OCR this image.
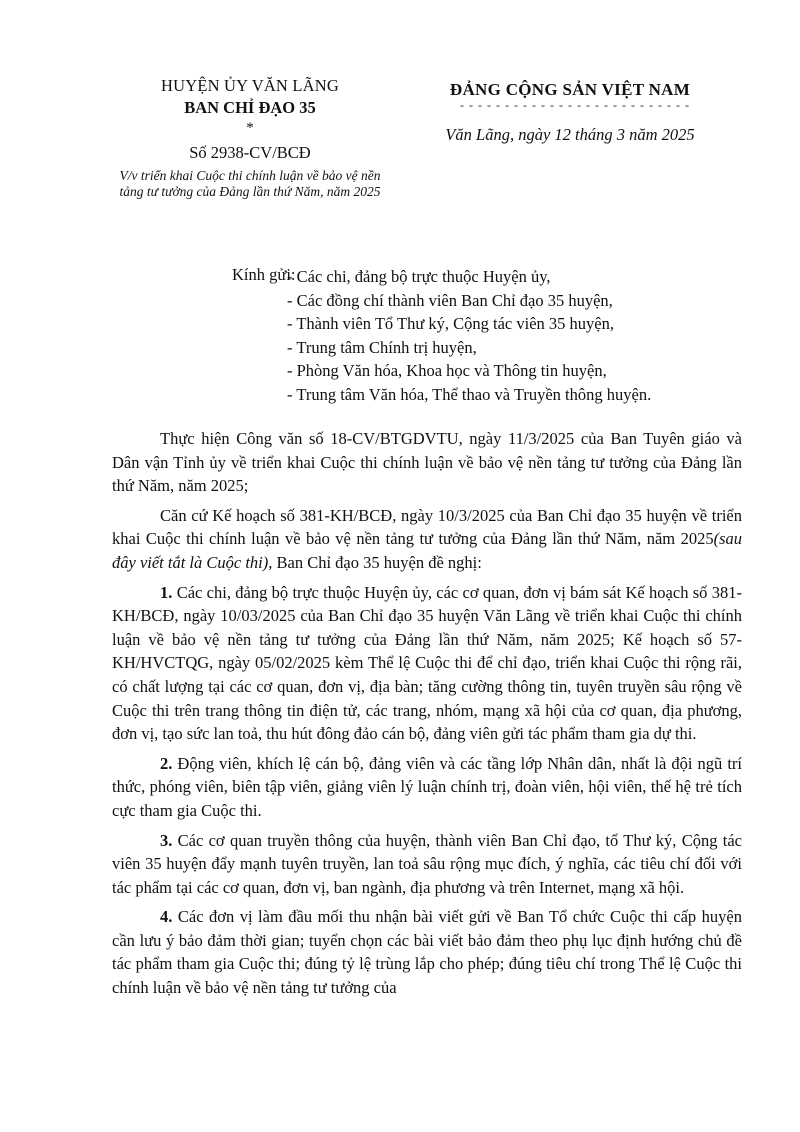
HUYỆN ỦY VĂN LÃNG
BAN CHỈ ĐẠO 35
*
Số 2938-CV/BCĐ
V/v triển khai Cuộc thi chính luận về bảo vệ nền tảng tư tưởng của Đảng lần thứ Năm, năm 2025
ĐẢNG CỘNG SẢN VIỆT NAM
- - - - - - - - - - - - - - - - - - - - - - - - - -
Văn Lãng, ngày 12 tháng 3 năm 2025
Kính gửi:
- Các chi, đảng bộ trực thuộc Huyện ủy,
- Các đồng chí thành viên Ban Chỉ đạo 35 huyện,
- Thành viên Tổ Thư ký, Cộng tác viên 35 huyện,
- Trung tâm Chính trị huyện,
- Phòng Văn hóa, Khoa học và Thông tin huyện,
- Trung tâm Văn hóa, Thể thao và Truyền thông huyện.

Thực hiện Công văn số 18-CV/BTGDVTU, ngày 11/3/2025 của Ban Tuyên giáo và Dân vận Tỉnh ủy về triển khai Cuộc thi chính luận về bảo vệ nền tảng tư tưởng của Đảng lần thứ Năm, năm 2025;

Căn cứ Kế hoạch số 381-KH/BCĐ, ngày 10/3/2025 của Ban Chỉ đạo 35 huyện về triển khai Cuộc thi chính luận về bảo vệ nền tảng tư tưởng của Đảng lần thứ Năm, năm 2025(sau đây viết tắt là Cuộc thi), Ban Chỉ đạo 35 huyện đề nghị:

1. Các chi, đảng bộ trực thuộc Huyện ủy, các cơ quan, đơn vị bám sát Kế hoạch số 381-KH/BCĐ, ngày 10/03/2025 của Ban Chỉ đạo 35 huyện Văn Lãng về triển khai Cuộc thi chính luận về bảo vệ nền tảng tư tưởng của Đảng lần thứ Năm, năm 2025; Kế hoạch số 57-KH/HVCTQG, ngày 05/02/2025 kèm Thể lệ Cuộc thi để chỉ đạo, triển khai Cuộc thi rộng rãi, có chất lượng tại các cơ quan, đơn vị, địa bàn; tăng cường thông tin, tuyên truyền sâu rộng về Cuộc thi trên trang thông tin điện tử, các trang, nhóm, mạng xã hội của cơ quan, địa phương, đơn vị, tạo sức lan toả, thu hút đông đảo cán bộ, đảng viên gửi tác phẩm tham gia dự thi.

2. Động viên, khích lệ cán bộ, đảng viên và các tầng lớp Nhân dân, nhất là đội ngũ trí thức, phóng viên, biên tập viên, giảng viên lý luận chính trị, đoàn viên, hội viên, thế hệ trẻ tích cực tham gia Cuộc thi.

3. Các cơ quan truyền thông của huyện, thành viên Ban Chỉ đạo, tổ Thư ký, Cộng tác viên 35 huyện đẩy mạnh tuyên truyền, lan toả sâu rộng mục đích, ý nghĩa, các tiêu chí đối với tác phẩm tại các cơ quan, đơn vị, ban ngành, địa phương và trên Internet, mạng xã hội.

4. Các đơn vị làm đầu mối thu nhận bài viết gửi về Ban Tổ chức Cuộc thi cấp huyện cần lưu ý bảo đảm thời gian; tuyển chọn các bài viết bảo đảm theo phụ lục định hướng chủ đề tác phẩm tham gia Cuộc thi; đúng tỷ lệ trùng lắp cho phép; đúng tiêu chí trong Thể lệ Cuộc thi chính luận về bảo vệ nền tảng tư tưởng của
